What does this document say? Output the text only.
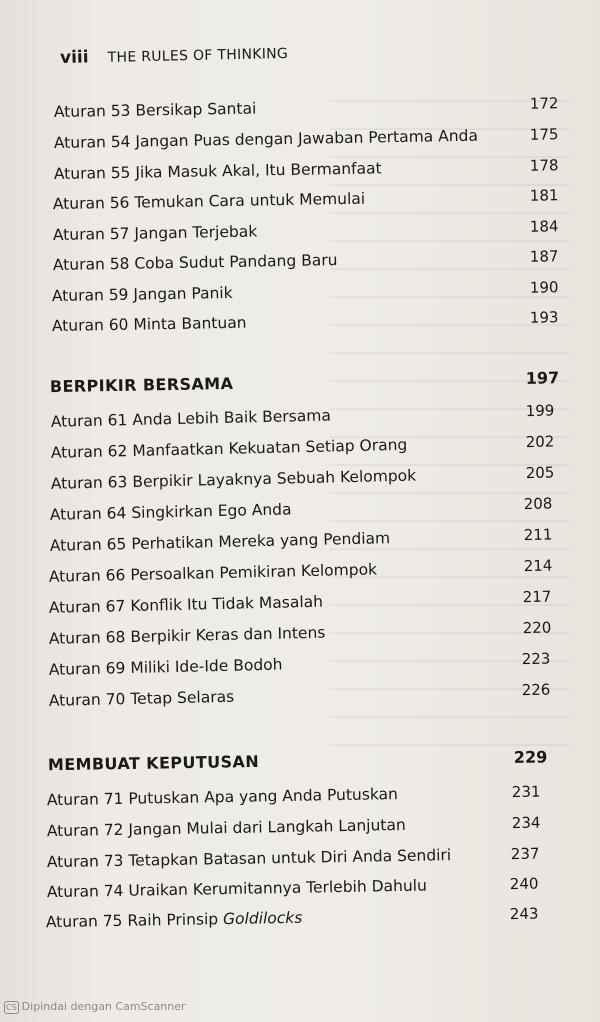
viii THE RULES OF THINKING
Aturan 53 Bersikap Santai	172
Aturan 54 Jangan Puas dengan Jawaban Pertama Anda	175
Aturan 55 Jika Masuk Akal, Itu Bermanfaat	178
Aturan 56 Temukan Cara untuk Memulai	181
Aturan 57 Jangan Terjebak	184
Aturan 58 Coba Sudut Pandang Baru	187
Aturan 59 Jangan Panik	190
Aturan 60 Minta Bantuan	193
BERPIKIR BERSAMA	197
Aturan 61 Anda Lebih Baik Bersama	199
Aturan 62 Manfaatkan Kekuatan Setiap Orang	202
Aturan 63 Berpikir Layaknya Sebuah Kelompok	205
Aturan 64 Singkirkan Ego Anda	208
Aturan 65 Perhatikan Mereka yang Pendiam	211
Aturan 66 Persoalkan Pemikiran Kelompok	214
Aturan 67 Konflik Itu Tidak Masalah	217
Aturan 68 Berpikir Keras dan Intens	220
Aturan 69 Miliki Ide-Ide Bodoh	223
Aturan 70 Tetap Selaras	226
MEMBUAT KEPUTUSAN	229
Aturan 71 Putuskan Apa yang Anda Putuskan	231
Aturan 72 Jangan Mulai dari Langkah Lanjutan	234
Aturan 73 Tetapkan Batasan untuk Diri Anda Sendiri	237
Aturan 74 Uraikan Kerumitannya Terlebih Dahulu	240
Aturan 75 Raih Prinsip Goldilocks	243
CS Dipindai dengan CamScanner
